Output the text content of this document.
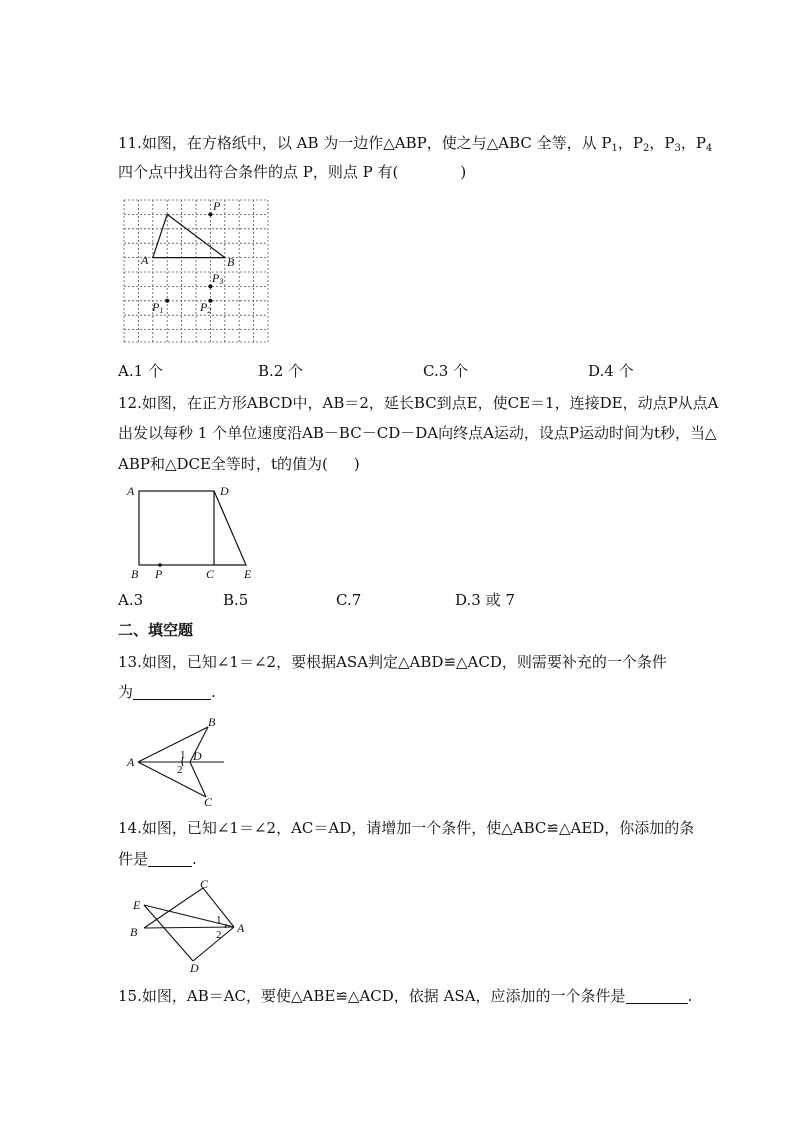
11.如图，在方格纸中，以 AB 为一边作△ABP，使之与△ABC 全等，从 $P_1$，$P_2$，$P_3$，$P_4$
四个点中找出符合条件的点 P，则点 P 有(	)
A	B
P
P1	P2
P3
A.1 个	B.2 个	C.3 个	D.4 个
12.如图，在正方形ABCD中，AB＝2，延长BC到点E，使CE＝1，连接DE，动点P从点A
出发以每秒 1 个单位速度沿AB－BC－CD－DA向终点A运动，设点P运动时间为t秒，当△
ABP和△DCE全等时，t的值为( )
A	D
B P	C E
A.3	B.5	C.7	D.3 或 7
二、填空题
13.如图，已知∠1＝∠2，要根据ASA判定△ABD≌△ACD，则需要补充的一个条件
为	.
A
B
C
D
1
2
14.如图，已知∠1＝∠2，AC＝AD，请增加一个条件，使△ABC≌△AED，你添加的条
件是	.
E
B
C
A
D
1
2
15.如图，AB＝AC，要使△ABE≌△ACD，依据 ASA，应添加的一个条件是	.
